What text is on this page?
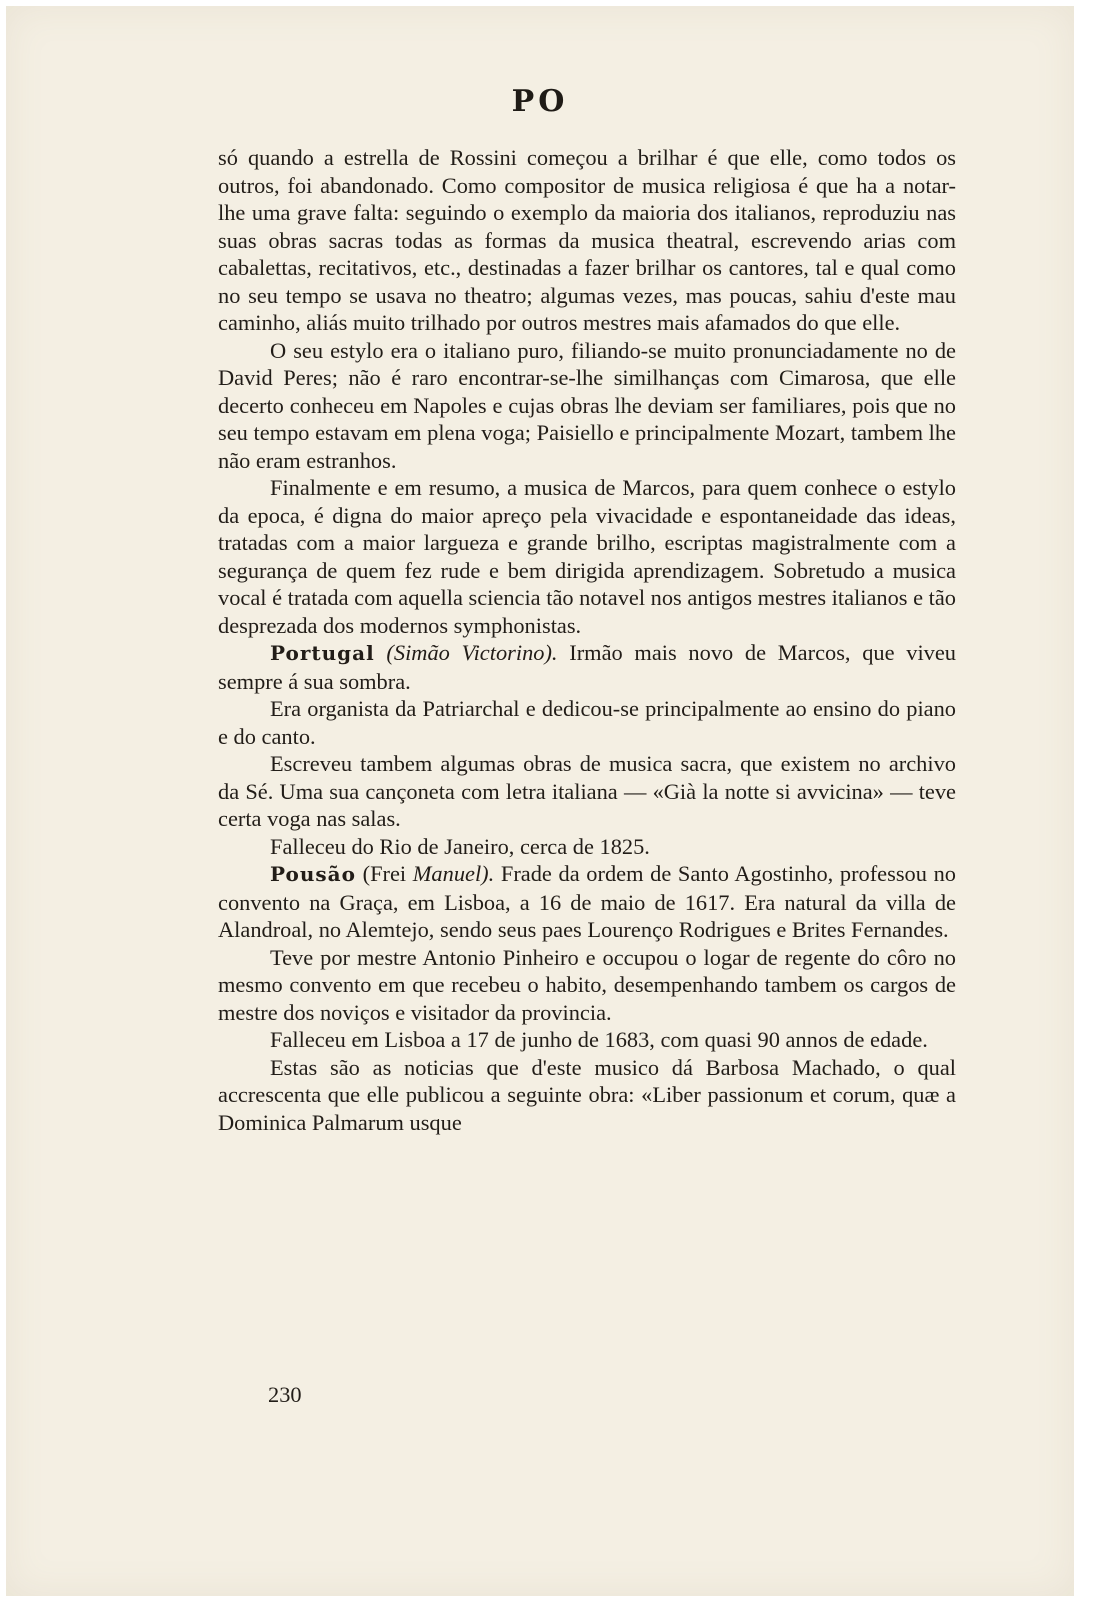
PO

só quando a estrella de Rossini começou a brilhar é que elle, como todos os outros, foi abandonado. Como compositor de musica religiosa é que ha a notar-lhe uma grave falta: seguindo o exemplo da maioria dos italianos, reproduziu nas suas obras sacras todas as formas da musica theatral, escrevendo arias com cabalettas, recitativos, etc., destinadas a fazer brilhar os cantores, tal e qual como no seu tempo se usava no theatro; algumas vezes, mas poucas, sahiu d'este mau caminho, aliás muito trilhado por outros mestres mais afamados do que elle.

O seu estylo era o italiano puro, filiando-se muito pronunciadamente no de David Peres; não é raro encontrar-se-lhe similhanças com Cimarosa, que elle decerto conheceu em Napoles e cujas obras lhe deviam ser familiares, pois que no seu tempo estavam em plena voga; Paisiello e principalmente Mozart, tambem lhe não eram estranhos.

Finalmente e em resumo, a musica de Marcos, para quem conhece o estylo da epoca, é digna do maior apreço pela vivacidade e espontaneidade das ideas, tratadas com a maior largueza e grande brilho, escriptas magistralmente com a segurança de quem fez rude e bem dirigida aprendizagem. Sobretudo a musica vocal é tratada com aquella sciencia tão notavel nos antigos mestres italianos e tão desprezada dos modernos symphonistas.

Portugal (Simão Victorino). Irmão mais novo de Marcos, que viveu sempre á sua sombra.

Era organista da Patriarchal e dedicou-se principalmente ao ensino do piano e do canto.

Escreveu tambem algumas obras de musica sacra, que existem no archivo da Sé. Uma sua cançoneta com letra italiana — «Già la notte si avvicina» — teve certa voga nas salas.

Falleceu do Rio de Janeiro, cerca de 1825.

Pousão (Frei Manuel). Frade da ordem de Santo Agostinho, professou no convento na Graça, em Lisboa, a 16 de maio de 1617. Era natural da villa de Alandroal, no Alemtejo, sendo seus paes Lourenço Rodrigues e Brites Fernandes.

Teve por mestre Antonio Pinheiro e occupou o logar de regente do côro no mesmo convento em que recebeu o habito, desempenhando tambem os cargos de mestre dos noviços e visitador da provincia.

Falleceu em Lisboa a 17 de junho de 1683, com quasi 90 annos de edade.

Estas são as noticias que d'este musico dá Barbosa Machado, o qual accrescenta que elle publicou a seguinte obra: «Liber passionum et corum, quæ a Dominica Palmarum usque

230
